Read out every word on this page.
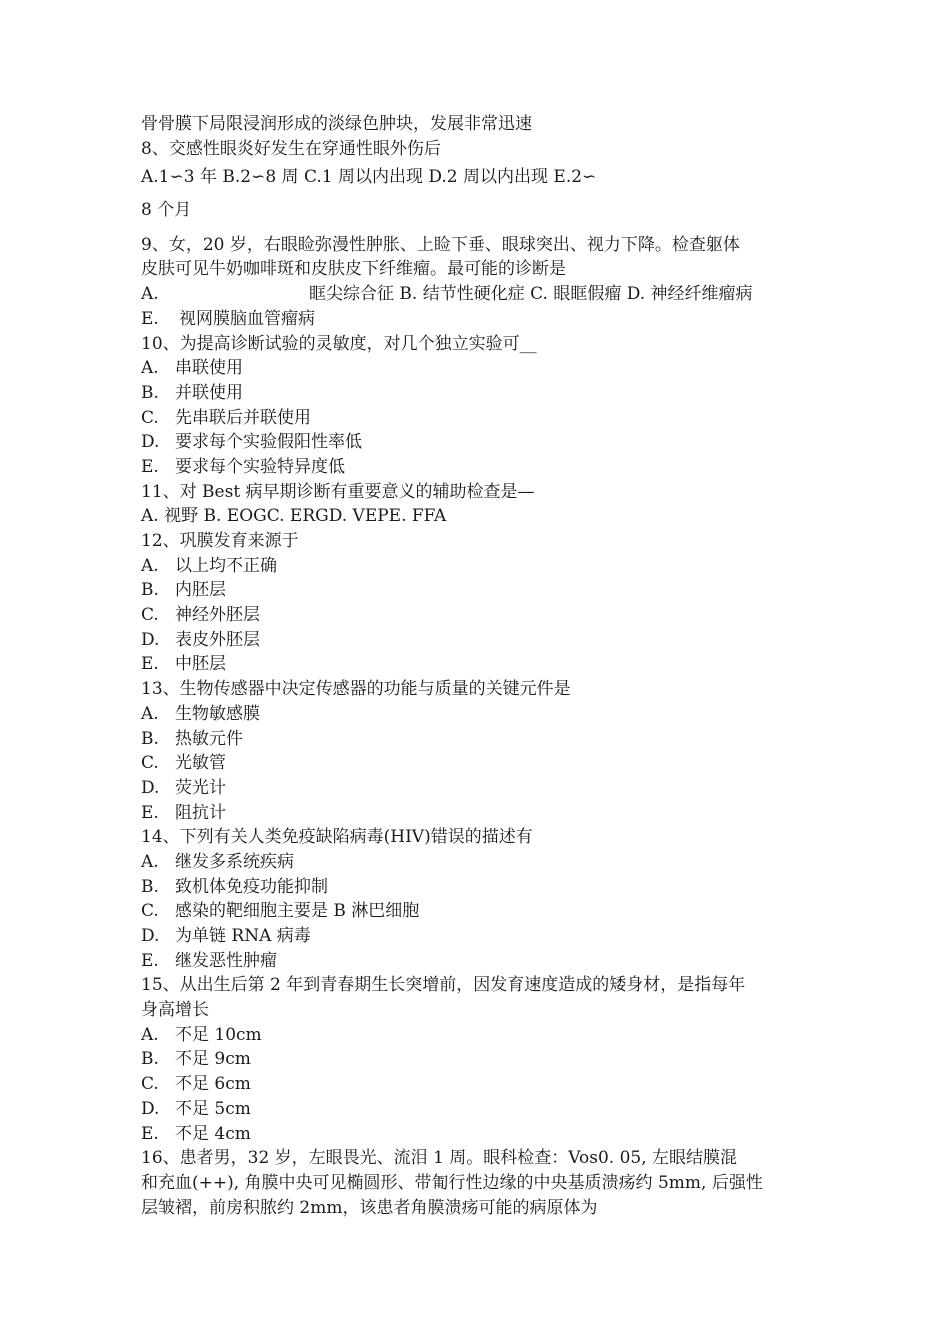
骨骨膜下局限浸润形成的淡绿色肿块，发展非常迅速
8、交感性眼炎好发生在穿通性眼外伤后
A.1∽3 年 B.2∽8 周 C.1 周以内出现 D.2 周以内出现 E.2∽
8 个月
9、女，20 岁，右眼睑弥漫性肿胀、上睑下垂、眼球突出、视力下降。检查躯体
皮肤可见牛奶咖啡斑和皮肤皮下纤维瘤。最可能的诊断是
A.	眶尖综合征 B. 结节性硬化症 C. 眼眶假瘤 D. 神经纤维瘤病
E.	视网膜脑血管瘤病
10、为提高诊断试验的灵敏度，对几个独立实验可__
A. 串联使用
B. 并联使用
C. 先串联后并联使用
D. 要求每个实验假阳性率低
E. 要求每个实验特异度低
11、对 Best 病早期诊断有重要意义的辅助检查是—
A. 视野 B. EOGC. ERGD. VEPE. FFA
12、巩膜发育来源于
A. 以上均不正确
B. 内胚层
C. 神经外胚层
D. 表皮外胚层
E. 中胚层
13、生物传感器中决定传感器的功能与质量的关键元件是
A. 生物敏感膜
B. 热敏元件
C. 光敏管
D. 荧光计
E. 阻抗计
14、下列有关人类免疫缺陷病毒(HIV)错误的描述有
A. 继发多系统疾病
B. 致机体免疫功能抑制
C. 感染的靶细胞主要是 B 淋巴细胞
D. 为单链 RNA 病毒
E. 继发恶性肿瘤
15、从出生后第 2 年到青春期生长突增前，因发育速度造成的矮身材，是指每年
身高增长
A. 不足 10cm
B. 不足 9cm
C. 不足 6cm
D. 不足 5cm
E. 不足 4cm
16、患者男，32 岁，左眼畏光、流泪 1 周。眼科检查：Vos0. 05, 左眼结膜混
和充血(++), 角膜中央可见椭圆形、带匍行性边缘的中央基质溃疡约 5mm, 后强性
层皱褶，前房积脓约 2mm，该患者角膜溃疡可能的病原体为
